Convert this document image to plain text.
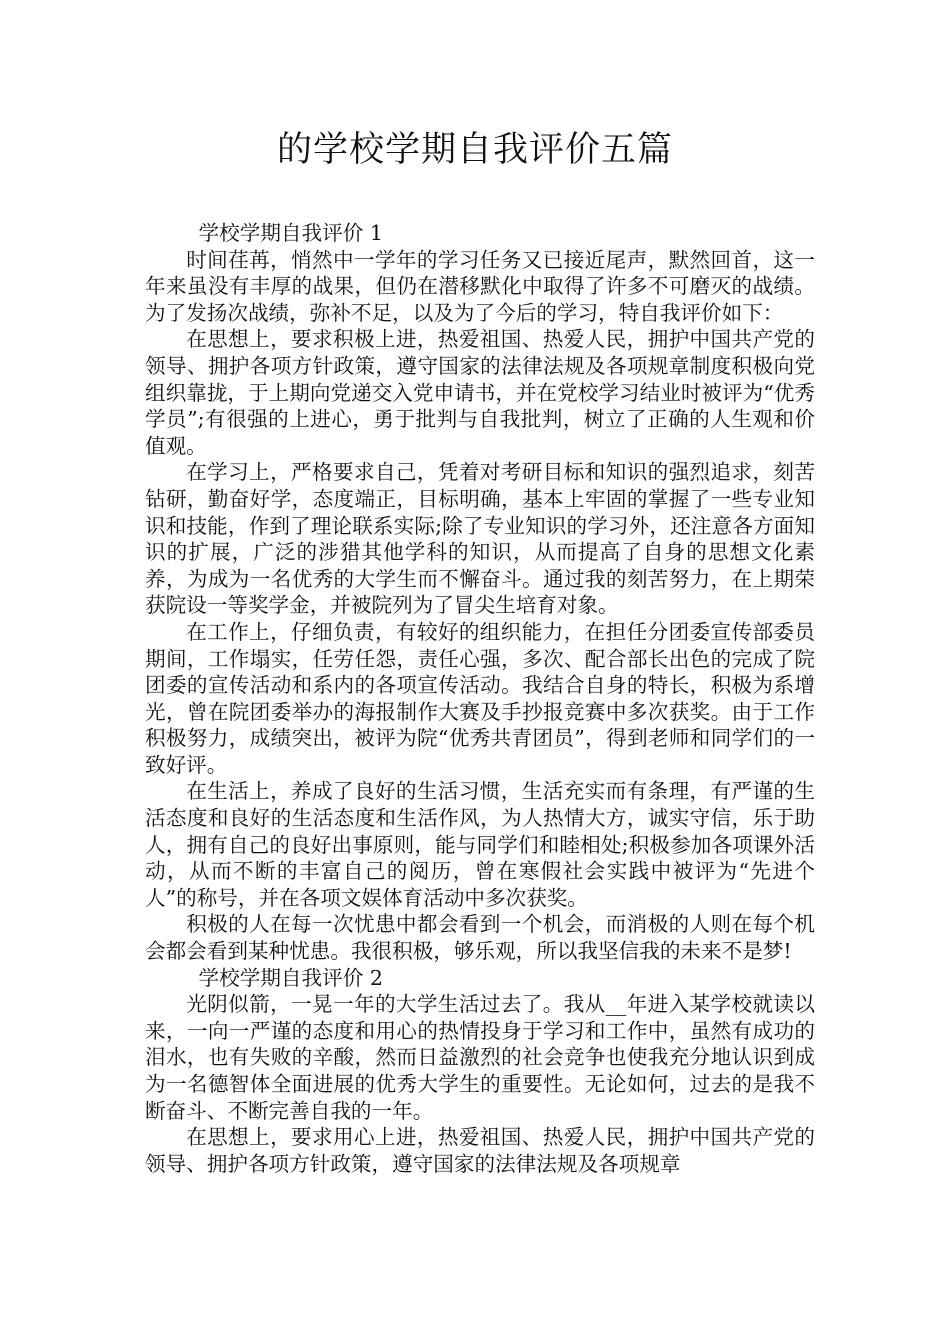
的学校学期自我评价五篇

学校学期自我评价 1

时间荏苒，悄然中一学年的学习任务又已接近尾声，默然回首，这一年来虽没有丰厚的战果，但仍在潜移默化中取得了许多不可磨灭的战绩。为了发扬次战绩，弥补不足，以及为了今后的学习，特自我评价如下：

在思想上，要求积极上进，热爱祖国、热爱人民，拥护中国共产党的领导、拥护各项方针政策，遵守国家的法律法规及各项规章制度积极向党组织靠拢，于上期向党递交入党申请书，并在党校学习结业时被评为“优秀学员”;有很强的上进心，勇于批判与自我批判，树立了正确的人生观和价值观。

在学习上，严格要求自己，凭着对考研目标和知识的强烈追求，刻苦钻研，勤奋好学，态度端正，目标明确，基本上牢固的掌握了一些专业知识和技能，作到了理论联系实际;除了专业知识的学习外，还注意各方面知识的扩展，广泛的涉猎其他学科的知识，从而提高了自身的思想文化素养，为成为一名优秀的大学生而不懈奋斗。通过我的刻苦努力，在上期荣获院设一等奖学金，并被院列为了冒尖生培育对象。

在工作上，仔细负责，有较好的组织能力，在担任分团委宣传部委员期间，工作塌实，任劳任怨，责任心强，多次、配合部长出色的完成了院团委的宣传活动和系内的各项宣传活动。我结合自身的特长，积极为系增光，曾在院团委举办的海报制作大赛及手抄报竞赛中多次获奖。由于工作积极努力，成绩突出，被评为院“优秀共青团员”，得到老师和同学们的一致好评。

在生活上，养成了良好的生活习惯，生活充实而有条理，有严谨的生活态度和良好的生活态度和生活作风，为人热情大方，诚实守信，乐于助人，拥有自己的良好出事原则，能与同学们和睦相处;积极参加各项课外活动，从而不断的丰富自己的阅历，曾在寒假社会实践中被评为“先进个人”的称号，并在各项文娱体育活动中多次获奖。

积极的人在每一次忧患中都会看到一个机会，而消极的人则在每个机会都会看到某种忧患。我很积极，够乐观，所以我坚信我的未来不是梦!

学校学期自我评价 2

光阴似箭，一晃一年的大学生活过去了。我从__年进入某学校就读以来，一向一严谨的态度和用心的热情投身于学习和工作中，虽然有成功的泪水，也有失败的辛酸，然而日益激烈的社会竞争也使我充分地认识到成为一名德智体全面进展的优秀大学生的重要性。无论如何，过去的是我不断奋斗、不断完善自我的一年。

在思想上，要求用心上进，热爱祖国、热爱人民，拥护中国共产党的领导、拥护各项方针政策，遵守国家的法律法规及各项规章
